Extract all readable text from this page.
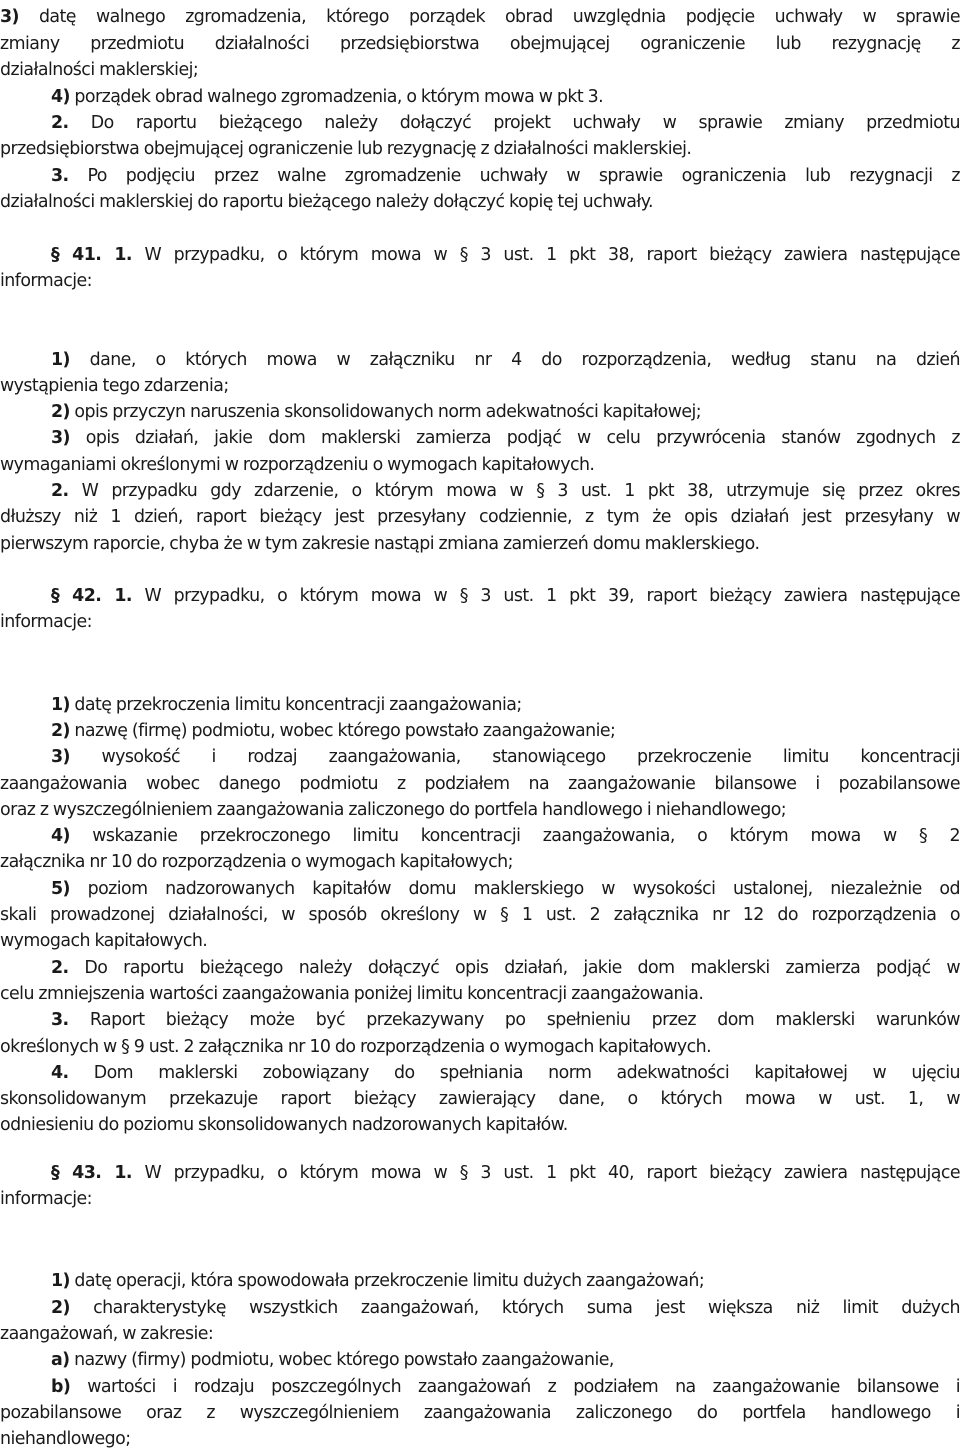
3) datę walnego zgromadzenia, którego porządek obrad uwzględnia podjęcie uchwały w sprawie
zmiany przedmiotu działalności przedsiębiorstwa obejmującej ograniczenie lub rezygnację z
działalności maklerskiej;
4) porządek obrad walnego zgromadzenia, o którym mowa w pkt 3.
2. Do raportu bieżącego należy dołączyć projekt uchwały w sprawie zmiany przedmiotu
przedsiębiorstwa obejmującej ograniczenie lub rezygnację z działalności maklerskiej.
3. Po podjęciu przez walne zgromadzenie uchwały w sprawie ograniczenia lub rezygnacji z
działalności maklerskiej do raportu bieżącego należy dołączyć kopię tej uchwały.
§ 41. 1. W przypadku, o którym mowa w § 3 ust. 1 pkt 38, raport bieżący zawiera następujące
informacje:
1) dane, o których mowa w załączniku nr 4 do rozporządzenia, według stanu na dzień
wystąpienia tego zdarzenia;
2) opis przyczyn naruszenia skonsolidowanych norm adekwatności kapitałowej;
3) opis działań, jakie dom maklerski zamierza podjąć w celu przywrócenia stanów zgodnych z
wymaganiami określonymi w rozporządzeniu o wymogach kapitałowych.
2. W przypadku gdy zdarzenie, o którym mowa w § 3 ust. 1 pkt 38, utrzymuje się przez okres
dłuższy niż 1 dzień, raport bieżący jest przesyłany codziennie, z tym że opis działań jest przesyłany w
pierwszym raporcie, chyba że w tym zakresie nastąpi zmiana zamierzeń domu maklerskiego.
§ 42. 1. W przypadku, o którym mowa w § 3 ust. 1 pkt 39, raport bieżący zawiera następujące
informacje:
1) datę przekroczenia limitu koncentracji zaangażowania;
2) nazwę (firmę) podmiotu, wobec którego powstało zaangażowanie;
3) wysokość i rodzaj zaangażowania, stanowiącego przekroczenie limitu koncentracji
zaangażowania wobec danego podmiotu z podziałem na zaangażowanie bilansowe i pozabilansowe
oraz z wyszczególnieniem zaangażowania zaliczonego do portfela handlowego i niehandlowego;
4) wskazanie przekroczonego limitu koncentracji zaangażowania, o którym mowa w § 2
załącznika nr 10 do rozporządzenia o wymogach kapitałowych;
5) poziom nadzorowanych kapitałów domu maklerskiego w wysokości ustalonej, niezależnie od
skali prowadzonej działalności, w sposób określony w § 1 ust. 2 załącznika nr 12 do rozporządzenia o
wymogach kapitałowych.
2. Do raportu bieżącego należy dołączyć opis działań, jakie dom maklerski zamierza podjąć w
celu zmniejszenia wartości zaangażowania poniżej limitu koncentracji zaangażowania.
3. Raport bieżący może być przekazywany po spełnieniu przez dom maklerski warunków
określonych w § 9 ust. 2 załącznika nr 10 do rozporządzenia o wymogach kapitałowych.
4. Dom maklerski zobowiązany do spełniania norm adekwatności kapitałowej w ujęciu
skonsolidowanym przekazuje raport bieżący zawierający dane, o których mowa w ust. 1, w
odniesieniu do poziomu skonsolidowanych nadzorowanych kapitałów.
§ 43. 1. W przypadku, o którym mowa w § 3 ust. 1 pkt 40, raport bieżący zawiera następujące
informacje:
1) datę operacji, która spowodowała przekroczenie limitu dużych zaangażowań;
2) charakterystykę wszystkich zaangażowań, których suma jest większa niż limit dużych
zaangażowań, w zakresie:
a) nazwy (firmy) podmiotu, wobec którego powstało zaangażowanie,
b) wartości i rodzaju poszczególnych zaangażowań z podziałem na zaangażowanie bilansowe i
pozabilansowe oraz z wyszczególnieniem zaangażowania zaliczonego do portfela handlowego i
niehandlowego;
